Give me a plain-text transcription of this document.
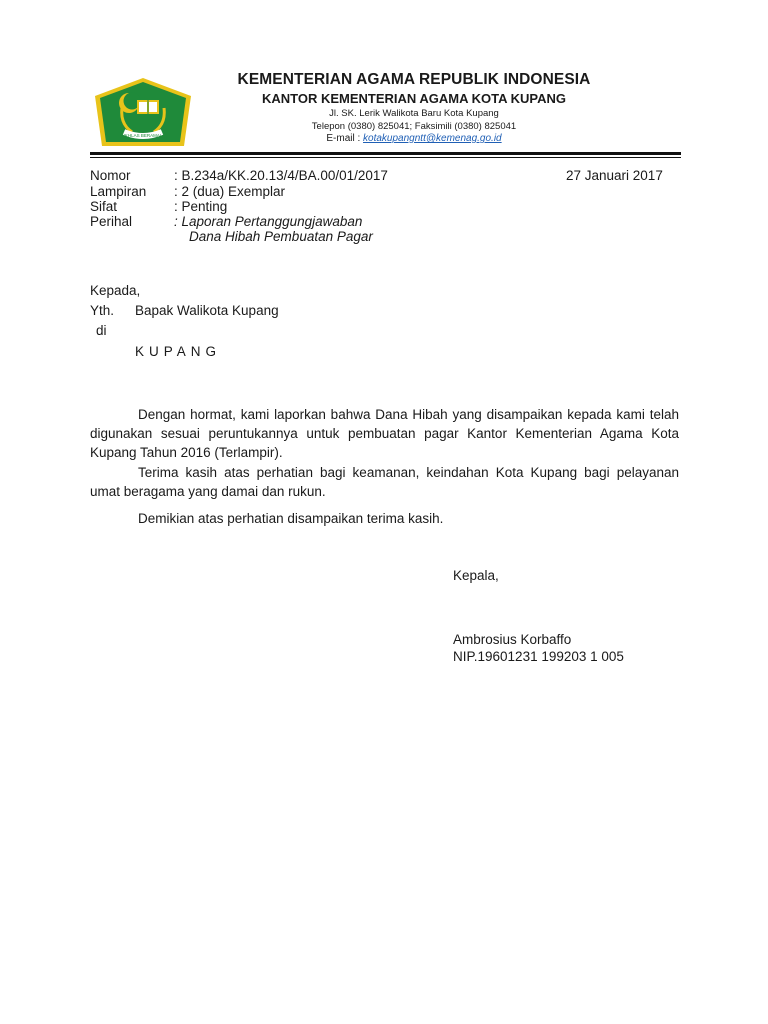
IKHLAS BERAMAL
KEMENTERIAN AGAMA REPUBLIK INDONESIA
KANTOR KEMENTERIAN AGAMA KOTA KUPANG
Jl. SK. Lerik Walikota Baru Kota Kupang
Telepon (0380) 825041; Faksimili (0380) 825041
E-mail : kotakupangntt@kemenag.go.id
Nomor	: B.234a/KK.20.13/4/BA.00/01/2017	27 Januari 2017
Lampiran : 2 (dua) Exemplar
Sifat	: Penting
Perihal	: Laporan Pertanggungjawaban
Dana Hibah Pembuatan Pagar
Kepada,
Yth. Bapak Walikota Kupang
di
KUPANG
Dengan hormat, kami laporkan bahwa Dana Hibah yang disampaikan kepada kami telah digunakan sesuai peruntukannya untuk pembuatan pagar Kantor Kementerian Agama Kota Kupang Tahun 2016 (Terlampir).
Terima kasih atas perhatian bagi keamanan, keindahan Kota Kupang bagi pelayanan umat beragama yang damai dan rukun.
Demikian atas perhatian disampaikan terima kasih.
Kepala,
Ambrosius Korbaffo
NIP.19601231 199203 1 005
